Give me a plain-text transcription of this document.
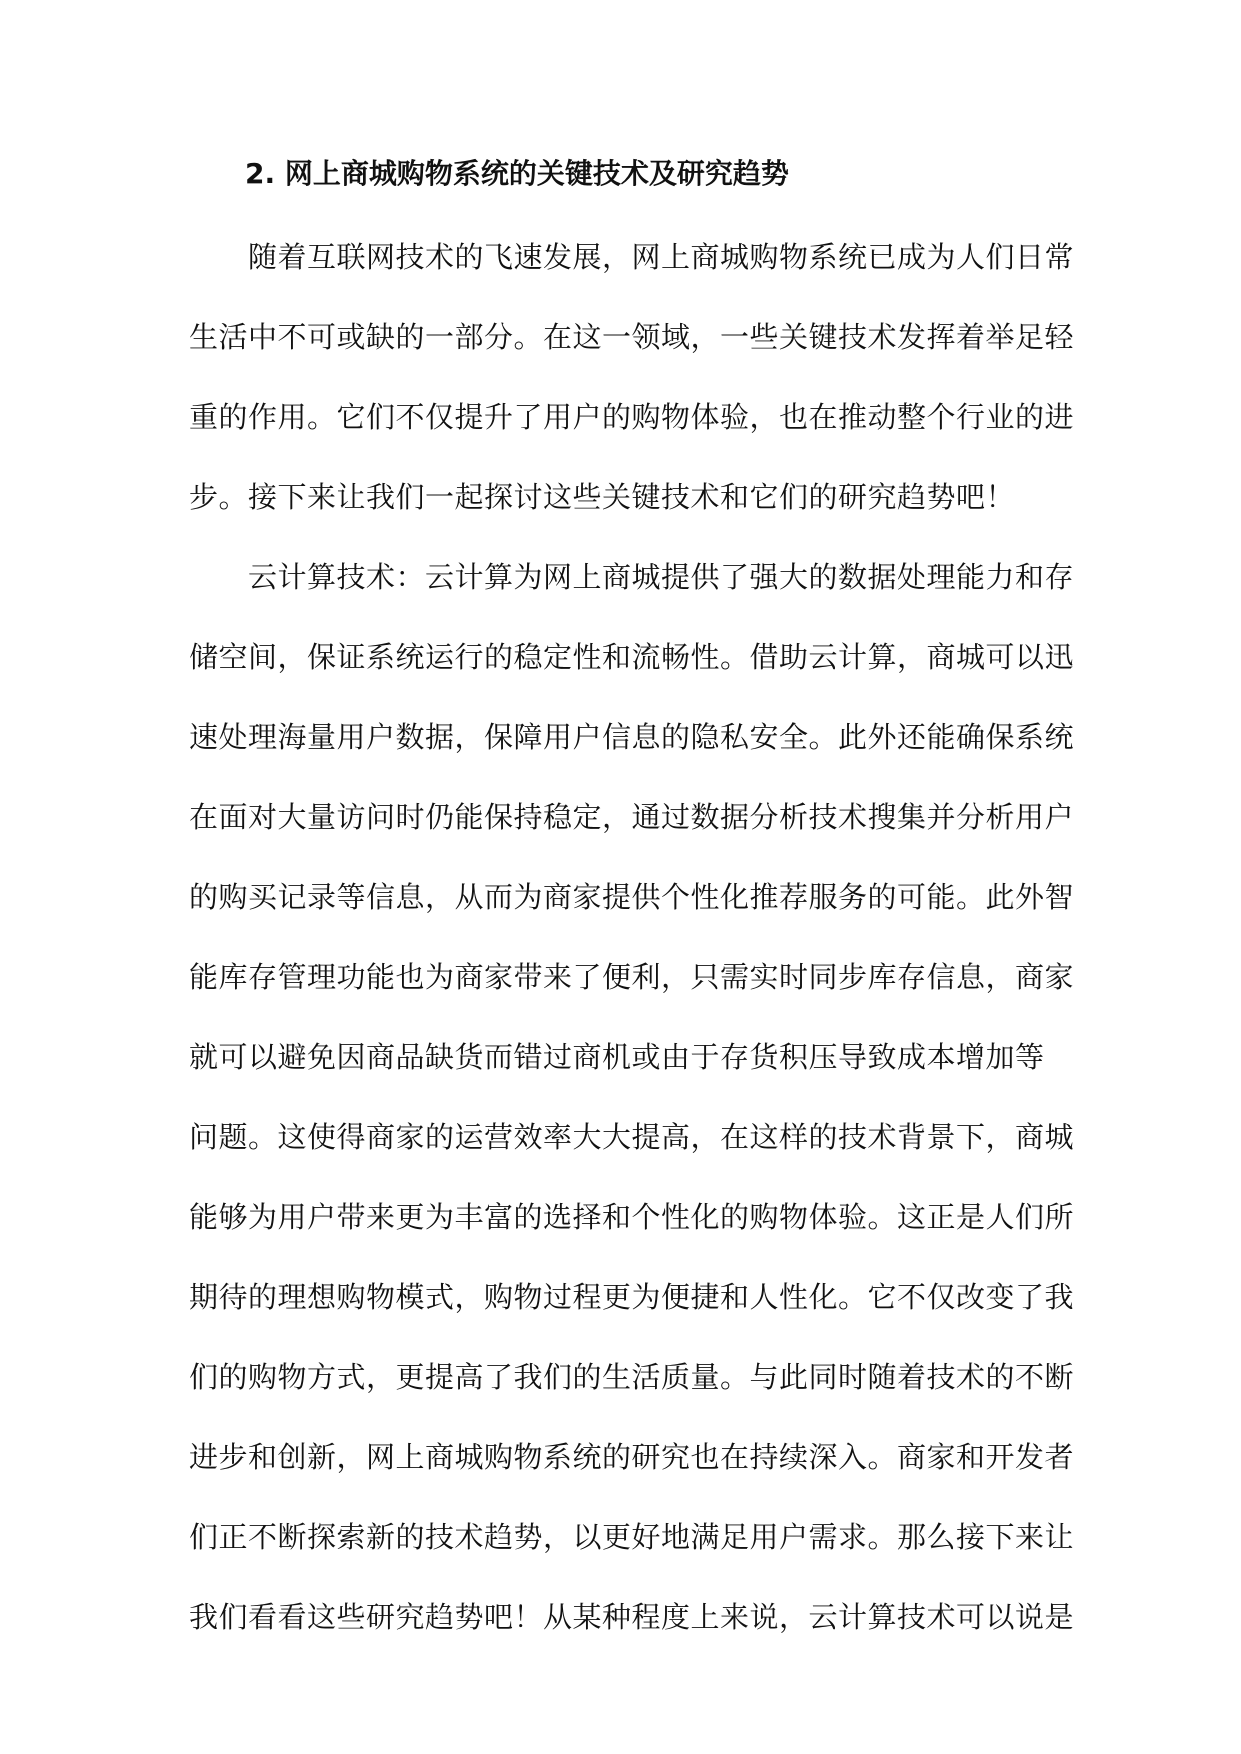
2. 网上商城购物系统的关键技术及研究趋势
随着互联网技术的飞速发展，网上商城购物系统已成为人们日常
生活中不可或缺的一部分。在这一领域，一些关键技术发挥着举足轻
重的作用。它们不仅提升了用户的购物体验，也在推动整个行业的进
步。接下来让我们一起探讨这些关键技术和它们的研究趋势吧！
云计算技术：云计算为网上商城提供了强大的数据处理能力和存
储空间，保证系统运行的稳定性和流畅性。借助云计算，商城可以迅
速处理海量用户数据，保障用户信息的隐私安全。此外还能确保系统
在面对大量访问时仍能保持稳定，通过数据分析技术搜集并分析用户
的购买记录等信息，从而为商家提供个性化推荐服务的可能。此外智
能库存管理功能也为商家带来了便利，只需实时同步库存信息，商家
就可以避免因商品缺货而错过商机或由于存货积压导致成本增加等
问题。这使得商家的运营效率大大提高，在这样的技术背景下，商城
能够为用户带来更为丰富的选择和个性化的购物体验。这正是人们所
期待的理想购物模式，购物过程更为便捷和人性化。它不仅改变了我
们的购物方式，更提高了我们的生活质量。与此同时随着技术的不断
进步和创新，网上商城购物系统的研究也在持续深入。商家和开发者
们正不断探索新的技术趋势，以更好地满足用户需求。那么接下来让
我们看看这些研究趋势吧！从某种程度上来说，云计算技术可以说是
